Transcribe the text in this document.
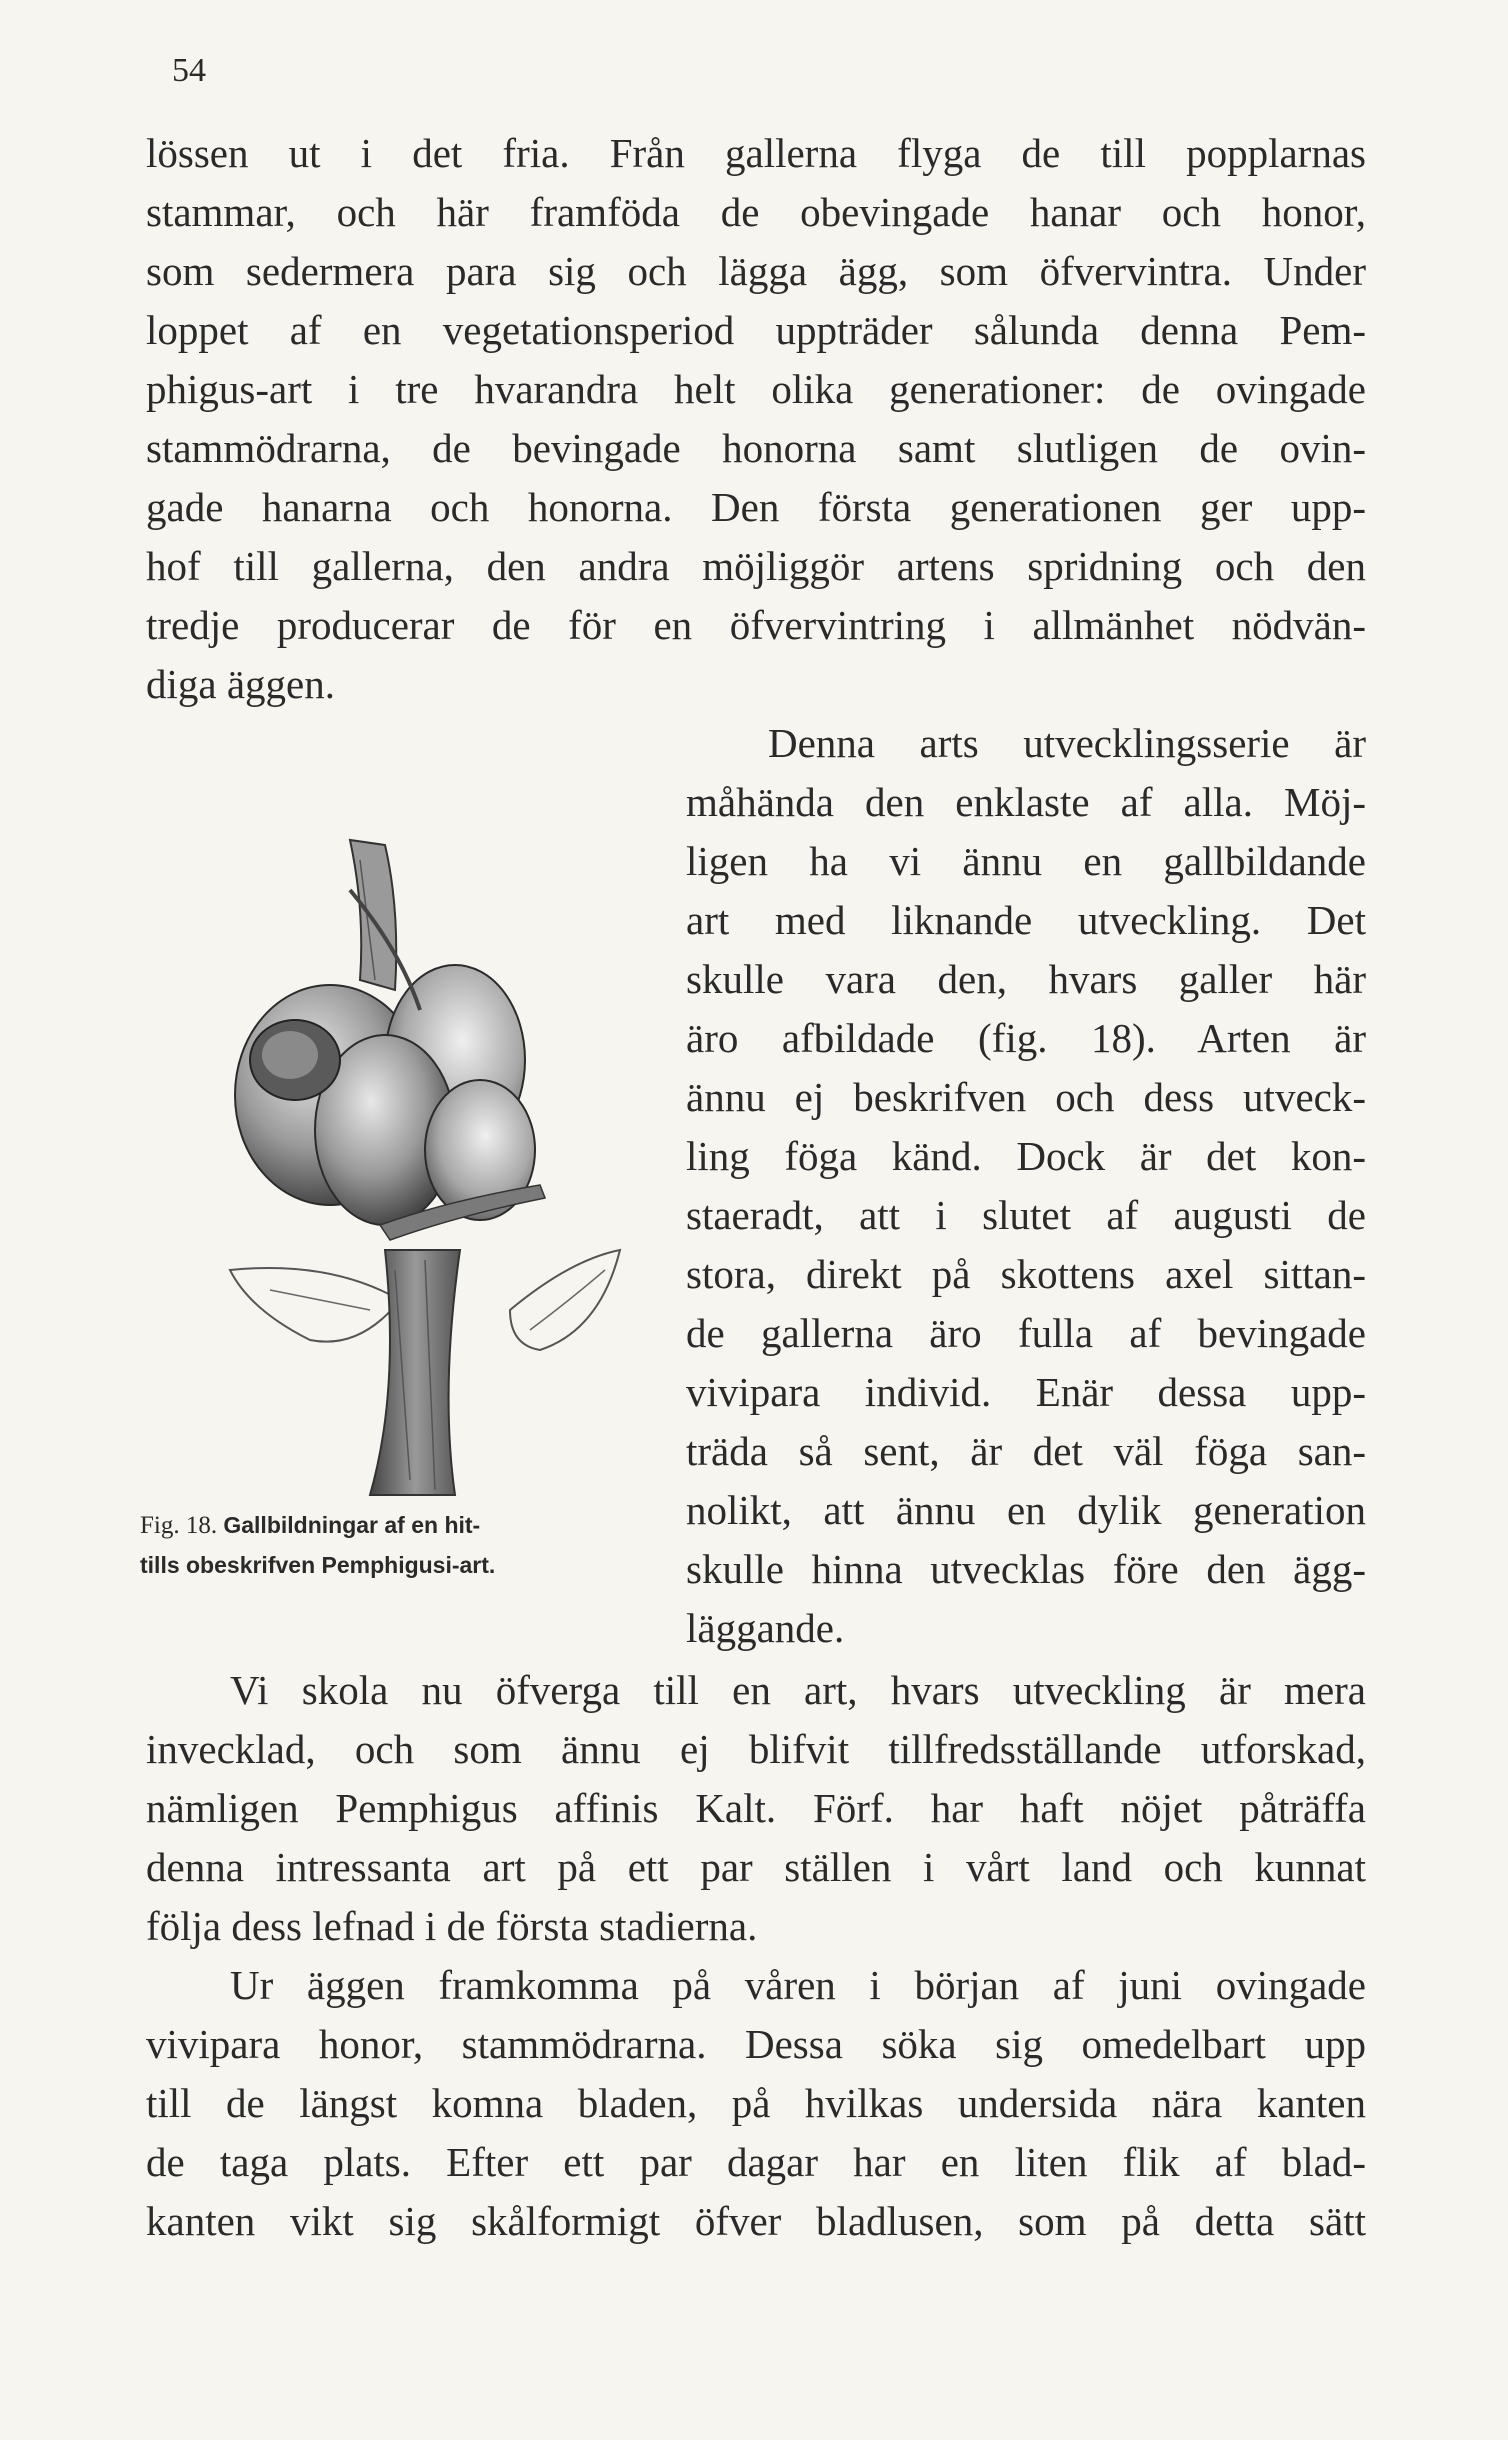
54
lössen ut i det fria. Från gallerna flyga de till popplarnas
stammar, och här framföda de obevingade hanar och honor,
som sedermera para sig och lägga ägg, som öfvervintra. Under
loppet af en vegetationsperiod uppträder sålunda denna Pem-
phigus-art i tre hvarandra helt olika generationer: de ovingade
stammödrarna, de bevingade honorna samt slutligen de ovin-
gade hanarna och honorna. Den första generationen ger upp-
hof till gallerna, den andra möjliggör artens spridning och den
tredje producerar de för en öfvervintring i allmänhet nödvän-
diga äggen.
Denna arts utvecklingsserie är
måhända den enklaste af alla. Möj-
ligen ha vi ännu en gallbildande
art med liknande utveckling. Det
skulle vara den, hvars galler här
äro afbildade (fig. 18). Arten är
ännu ej beskrifven och dess utveck-
ling föga känd. Dock är det kon-
staeradt, att i slutet af augusti de
stora, direkt på skottens axel sittan-
de gallerna äro fulla af bevingade
vivipara individ. Enär dessa upp-
träda så sent, är det väl föga san-
nolikt, att ännu en dylik generation
skulle hinna utvecklas före den ägg-
läggande.
Fig. 18. Gallbildningar af en hit-
tills obeskrifven Pemphigusi-art.
Vi skola nu öfverga till en art, hvars utveckling är mera
invecklad, och som ännu ej blifvit tillfredsställande utforskad,
nämligen Pemphigus affinis Kalt. Förf. har haft nöjet påträffa
denna intressanta art på ett par ställen i vårt land och kunnat
följa dess lefnad i de första stadierna.
Ur äggen framkomma på våren i början af juni ovingade
vivipara honor, stammödrarna. Dessa söka sig omedelbart upp
till de längst komna bladen, på hvilkas undersida nära kanten
de taga plats. Efter ett par dagar har en liten flik af blad-
kanten vikt sig skålformigt öfver bladlusen, som på detta sätt
